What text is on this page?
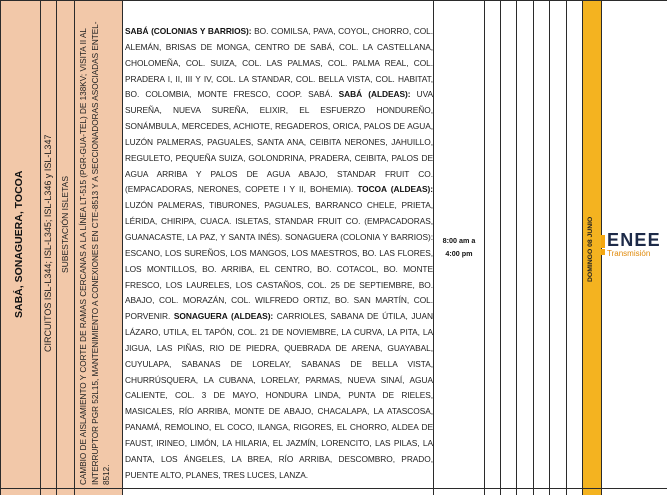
SABÁ, SONAGUERA, TOCOA CIRCUITOS ISL-L344; ISL-L345; ISL-L346 y ISL-L347 SUBESTACIÓN ISLETAS CAMBIO DE AISLAMIENTO Y CORTE DE RAMAS CERCANAS A LA LÍNEA LT-515 (PGR-GUA-TEL) DE 138KV; VISITA II AL INTERRUPTOR PGR 52L15, MANTENIMIENTO A CONEXIONES EN CTE-8513 Y A SECCIONADORAS ASOCIADAS ENTEL-8512.
SABÁ (COLONIAS Y BARRIOS): BO. COMILSA, PAVA, COYOL, CHORRO, COL. ALEMÁN, BRISAS DE MONGA, CENTRO DE SABÁ, COL. LA CASTELLANA, CHOLOMEÑA, COL. SUIZA, COL. LAS PALMAS, COL. PALMA REAL, COL. PRADERA I, II, III Y IV, COL. LA STANDAR, COL. BELLA VISTA, COL. HABITAT, BO. COLOMBIA, MONTE FRESCO, COOP. SABÁ. SABÁ (ALDEAS): UVA SUREÑA, NUEVA SUREÑA, ELIXIR, EL ESFUERZO HONDUREÑO, SONÁMBULA, MERCEDES, ACHIOTE, REGADEROS, ORICA, PALOS DE AGUA, LUZÓN PALMERAS, PAGUALES, SANTA ANA, CEIBITA NERONES, JAHUILLO, REGULETO, PEQUEÑA SUIZA, GOLONDRINA, PRADERA, CEIBITA, PALOS DE AGUA ARRIBA Y PALOS DE AGUA ABAJO, STANDAR FRUIT CO. (EMPACADORAS, NERONES, COPETE I Y II, BOHEMIA). TOCOA (ALDEAS): LUZÓN PALMERAS, TIBURONES, PAGUALES, BARRANCO CHELE, PRIETA, LÉRIDA, CHIRIPA, CUACA. ISLETAS, STANDAR FRUIT CO. (EMPACADORAS, GUANACASTE, LA PAZ, Y SANTA INÉS). SONAGUERA (COLONIA Y BARRIOS): ESCANO, LOS SUREÑOS, LOS MANGOS, LOS MAESTROS, BO. LAS FLORES, LOS MONTILLOS, BO. ARRIBA, EL CENTRO, BO. COTACOL, BO. MONTE FRESCO, LOS LAURELES, LOS CASTAÑOS, COL. 25 DE SEPTIEMBRE, BO. ABAJO, COL. MORAZÁN, COL. WILFREDO ORTIZ, BO. SAN MARTÍN, COL. PORVENIR. SONAGUERA (ALDEAS): CARRIOLES, SABANA DE ÚTILA, JUAN LÁZARO, UTILA, EL TAPÓN, COL. 21 DE NOVIEMBRE, LA CURVA, LA PITA, LA JIGUA, LAS PIÑAS, RIO DE PIEDRA, QUEBRADA DE ARENA, GUAYABAL, CUYULAPA, SABANAS DE LORELAY, SABANAS DE BELLA VISTA, CHURRÚSQUERA, LA CUBANA, LORELAY, PARMAS, NUEVA SINAÍ, AGUA CALIENTE, COL. 3 DE MAYO, HONDURA LINDA, PUNTA DE RIELES, MASICALES, RÍO ARRIBA, MONTE DE ABAJO, CHACALAPA, LA ATASCOSA, PANAMÁ, REMOLINO, EL COCO, ILANGA, RIGORES, EL CHORRO, ALDEA DE FAUST, IRINEO, LIMÓN, LA HILARIA, EL JAZMÍN, LORENCITO, LAS PILAS, LA DANTA, LOS ÁNGELES, LA BREA, RÍO ARRIBA, DESCOMBRO, PRADO, PUENTE ALTO, PLANES, TRES LUCES, LANZA.
8:00 am a
4:00 pm	DOMINGO 08 JUNIO ENEE
Transmisión
